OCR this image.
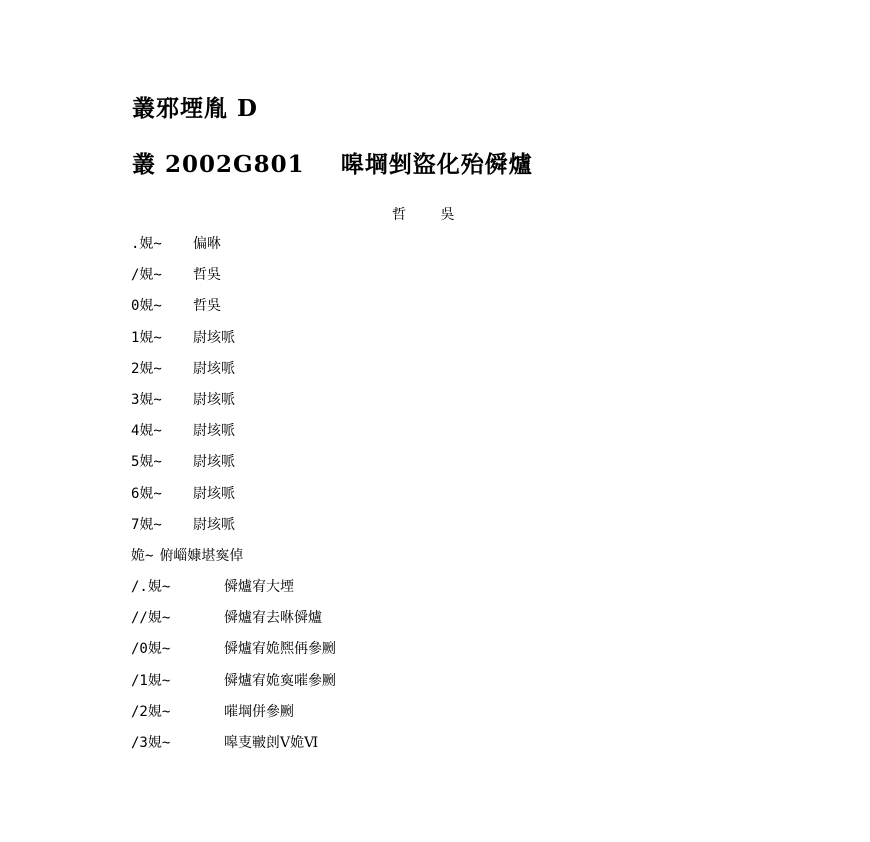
叢邪堙胤 D
叢 2002G801 嗥堈剉盜化殆僢爐
哲 吳
.娊~ 偏咻
/娊~ 哲吳
0娊~ 哲吳
1娊~ 尉垓哌
2娊~ 尉垓哌
3娊~ 尉垓哌
4娊~ 尉垓哌
5娊~ 尉垓哌
6娊~ 尉垓哌
7娊~ 尉垓哌
姽~ 俯崰嫝堪寏倬
/.娊~	僢爐宥大堙
//娊~	僢爐宥去咻僢爐
/0娊~	僢爐宥姽熈侢參劂
/1娊~	僢爐宥姽寏嗺參劂
/2娊~	嗺堈併參劂
/3娊~	嗥叓皸剆Ⅴ姽Ⅵ
